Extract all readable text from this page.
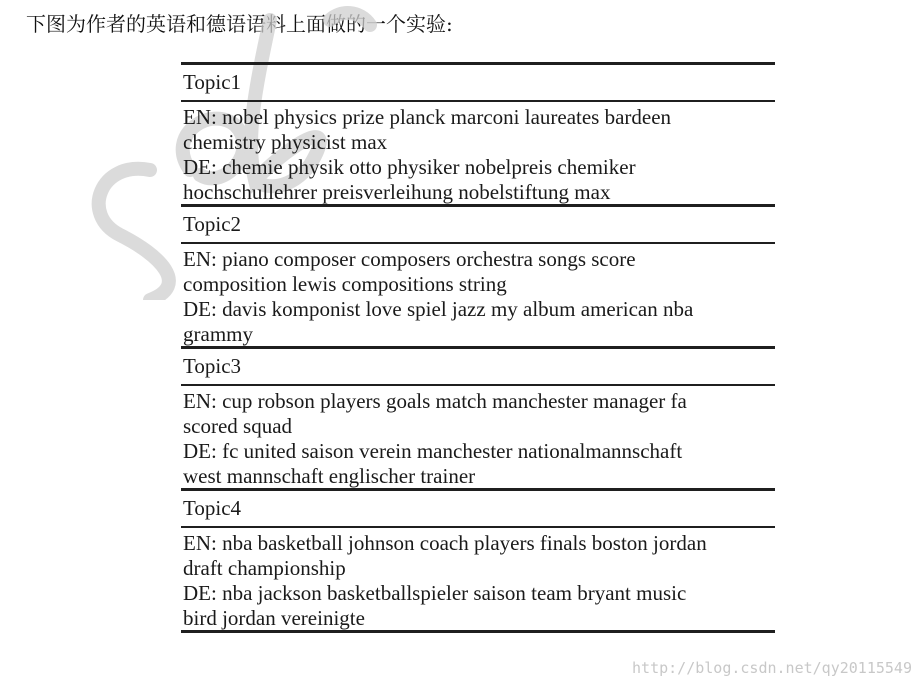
下图为作者的英语和德语语料上面做的一个实验:
Topic1
EN: nobel physics prize planck marconi laureates bardeen
chemistry physicist max
DE: chemie physik otto physiker nobelpreis chemiker
hochschullehrer preisverleihung nobelstiftung max
Topic2
EN: piano composer composers orchestra songs score
composition lewis compositions string
DE: davis komponist love spiel jazz my album american nba
grammy
Topic3
EN: cup robson players goals match manchester manager fa
scored squad
DE: fc united saison verein manchester nationalmannschaft
west mannschaft englischer trainer
Topic4
EN: nba basketball johnson coach players finals boston jordan
draft championship
DE: nba jackson basketballspieler saison team bryant music
bird jordan vereinigte
http://blog.csdn.net/qy20115549
